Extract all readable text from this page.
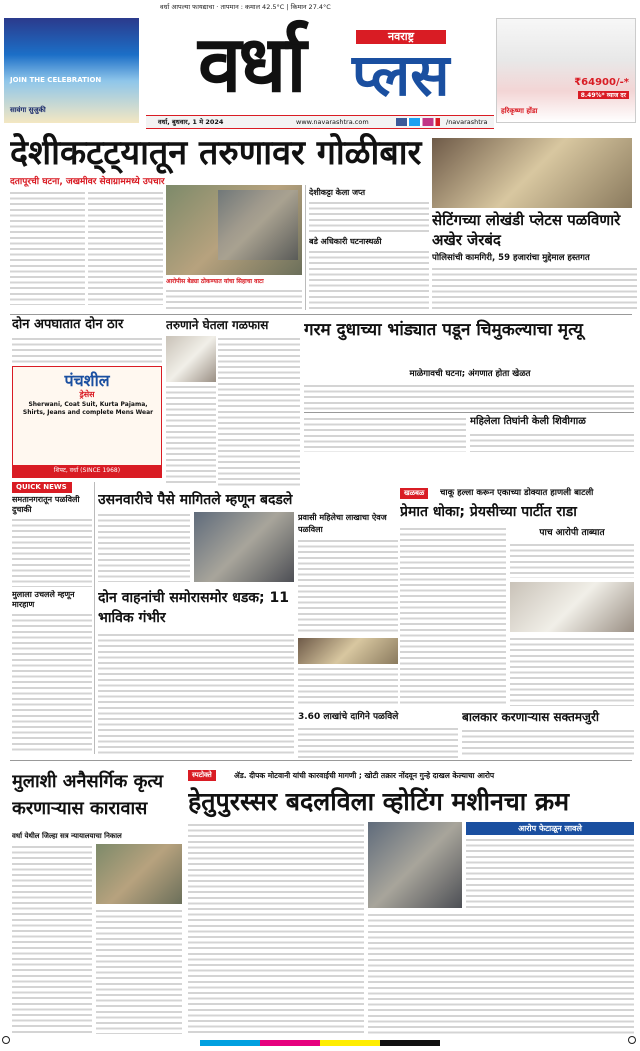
वर्धा आपल्या फायद्याचा · तापमान : कमाल 42.5°C | किमान 27.4°C
JOIN THE CELEBRATION
सावंगा सुजुकी	वर्धा	नवराष्ट्र
प्लस	₹64900/-*
8.49%* व्याज दर
हरिकृष्णा होंडा
वर्धा, बुधवार, 1 मे 2024	www.navarashtra.com	/navarashtra
देशीकट्ट्यातून तरुणावर गोळीबार
दतापूरची घटना, जखमीवर सेवाग्राममध्ये उपचार
आरोपीस बेड्या ठोकण्यात यांचा सिहाचा वाटा
देशीकट्टा केला जप्त
बडे अधिकारी घटनास्थळी
सेटिंगच्या लोखंडी प्लेटस पळविणारे अखेर जेरबंद
पोलिसांची कामगिरी, 59 हजारांचा मुद्देमाल हस्तगत
दोन अपघातात दोन ठार	तरुणाने घेतला गळफास	गरम दुधाच्या भांड्यात पडून चिमुकल्याचा मृत्यू
माळेगावची घटना; अंगणात होता खेळत
महिलेला तिघांनी केली शिवीगाळ
पंचशील
ड्रेसेस
Sherwani, Coat Suit, Kurta Pajama, Shirts, Jeans and complete Mens Wear
शिफ्ट, वर्धा (SINCE 1968)
QUICK NEWS
समतानगरातून पळविली दुचाकी
मुलाला उचलले म्हणून मारहाण
उसनवारीचे पैसे मागितले म्हणून बदडले
प्रवासी महिलेचा लाखाचा ऐवज पळविला
दोन वाहनांची समोरासमोर धडक; 11 भाविक गंभीर
खळबळ	चाकू हल्ला करून एकाच्या डोक्यात हाणली बाटली
प्रेमात धोका; प्रेयसीच्या पार्टीत राडा
पाच आरोपी ताब्यात
3.60 लाखांचे दागिने पळविले	बालकार करणाऱ्यास सक्तमजुरी
मुलाशी अनैसर्गिक कृत्य करणाऱ्यास कारावास
वर्धा येथील जिल्हा सत्र न्यायालयाचा निकाल
स्पटोक्ते	ॲड. दीपक मोटवानी यांची कारवाईची मागणी ; खोटी तक्रार नोंदवून गुन्हे दाखल केल्याचा आरोप
हेतुपुरस्सर बदलविला व्होटिंग मशीनचा क्रम
आरोप फेटाळून लावले
